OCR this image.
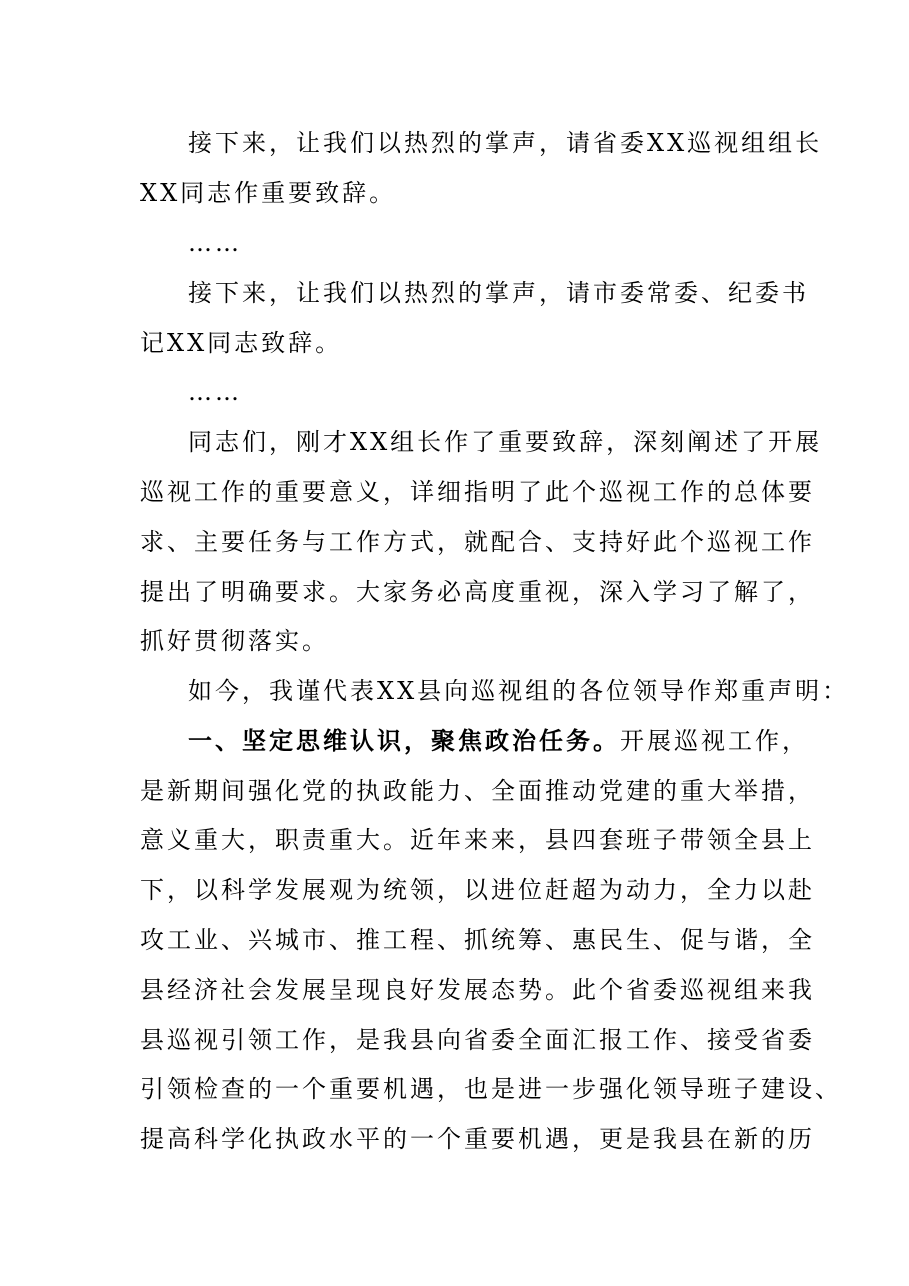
接下来，让我们以热烈的掌声，请省委XX巡视组组长
XX同志作重要致辞。
……
接下来，让我们以热烈的掌声，请市委常委、纪委书
记XX同志致辞。
……
同志们，刚才XX组长作了重要致辞，深刻阐述了开展
巡视工作的重要意义，详细指明了此个巡视工作的总体要
求、主要任务与工作方式，就配合、支持好此个巡视工作
提出了明确要求。大家务必高度重视，深入学习了解了，
抓好贯彻落实。
如今，我谨代表XX县向巡视组的各位领导作郑重声明：
一、坚定思维认识，聚焦政治任务。开展巡视工作，
是新期间强化党的执政能力、全面推动党建的重大举措，
意义重大，职责重大。近年来来，县四套班子带领全县上
下，以科学发展观为统领，以进位赶超为动力，全力以赴
攻工业、兴城市、推工程、抓统筹、惠民生、促与谐，全
县经济社会发展呈现良好发展态势。此个省委巡视组来我
县巡视引领工作，是我县向省委全面汇报工作、接受省委
引领检查的一个重要机遇，也是进一步强化领导班子建设、
提高科学化执政水平的一个重要机遇，更是我县在新的历
